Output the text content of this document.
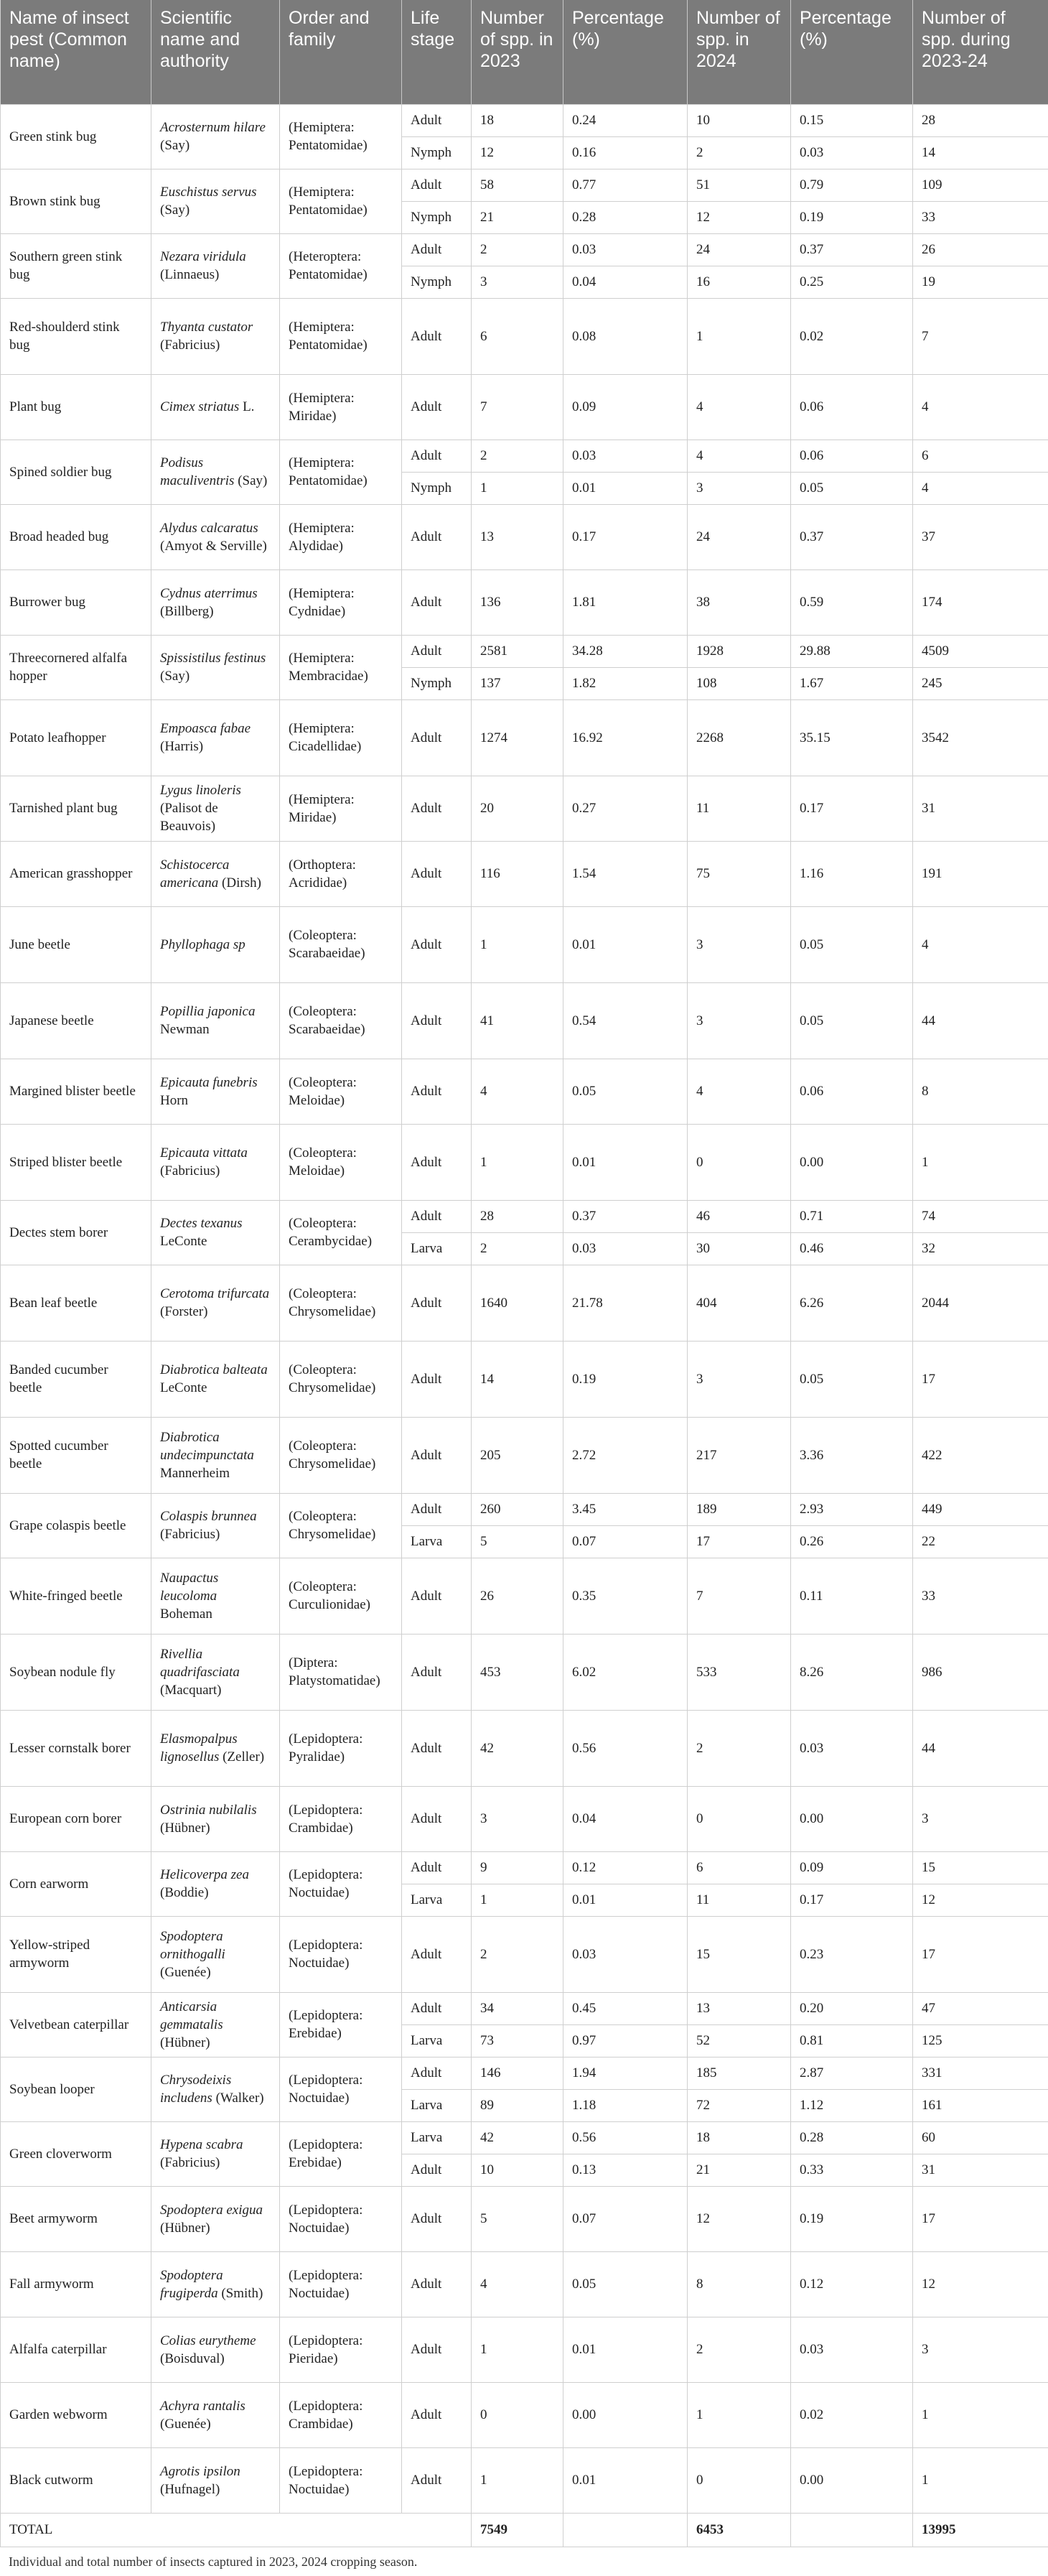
Name of insect pest (Common name)	Scientific name and authority	Order and family	Life stage	Number of spp. in 2023	Percentage (%)	Number of spp. in 2024	Percentage (%)	Number of spp. during 2023-24
Green stink bug	Acrosternum hilare (Say)	(Hemiptera: Pentatomidae)	Adult	18	0.24	10	0.15	28
			Nymph	12	0.16	2	0.03	14
Brown stink bug	Euschistus servus (Say)	(Hemiptera: Pentatomidae)	Adult	58	0.77	51	0.79	109
			Nymph	21	0.28	12	0.19	33
Southern green stink bug	Nezara viridula (Linnaeus)	(Heteroptera: Pentatomidae)	Adult	2	0.03	24	0.37	26
			Nymph	3	0.04	16	0.25	19
Red-shoulderd stink bug	Thyanta custator (Fabricius)	(Hemiptera: Pentatomidae)	Adult	6	0.08	1	0.02	7
Plant bug	Cimex striatus L.	(Hemiptera: Miridae)	Adult	7	0.09	4	0.06	4
Spined soldier bug	Podisus maculiventris (Say)	(Hemiptera: Pentatomidae)	Adult	2	0.03	4	0.06	6
			Nymph	1	0.01	3	0.05	4
Broad headed bug	Alydus calcaratus (Amyot & Serville)	(Hemiptera: Alydidae)	Adult	13	0.17	24	0.37	37
Burrower bug	Cydnus aterrimus (Billberg)	(Hemiptera: Cydnidae)	Adult	136	1.81	38	0.59	174
Threecornered alfalfa hopper	Spissistilus festinus (Say)	(Hemiptera: Membracidae)	Adult	2581	34.28	1928	29.88	4509
			Nymph	137	1.82	108	1.67	245
Potato leafhopper	Empoasca fabae (Harris)	(Hemiptera: Cicadellidae)	Adult	1274	16.92	2268	35.15	3542
Tarnished plant bug	Lygus linoleris (Palisot de Beauvois)	(Hemiptera: Miridae)	Adult	20	0.27	11	0.17	31
American grasshopper	Schistocerca americana (Dirsh)	(Orthoptera: Acrididae)	Adult	116	1.54	75	1.16	191
June beetle	Phyllophaga sp	(Coleoptera: Scarabaeidae)	Adult	1	0.01	3	0.05	4
Japanese beetle	Popillia japonica Newman	(Coleoptera: Scarabaeidae)	Adult	41	0.54	3	0.05	44
Margined blister beetle	Epicauta funebris Horn	(Coleoptera: Meloidae)	Adult	4	0.05	4	0.06	8
Striped blister beetle	Epicauta vittata (Fabricius)	(Coleoptera: Meloidae)	Adult	1	0.01	0	0.00	1
Dectes stem borer	Dectes texanus LeConte	(Coleoptera: Cerambycidae)	Adult	28	0.37	46	0.71	74
			Larva	2	0.03	30	0.46	32
Bean leaf beetle	Cerotoma trifurcata (Forster)	(Coleoptera: Chrysomelidae)	Adult	1640	21.78	404	6.26	2044
Banded cucumber beetle	Diabrotica balteata LeConte	(Coleoptera: Chrysomelidae)	Adult	14	0.19	3	0.05	17
Spotted cucumber beetle	Diabrotica undecimpunctata Mannerheim	(Coleoptera: Chrysomelidae)	Adult	205	2.72	217	3.36	422
Grape colaspis beetle	Colaspis brunnea (Fabricius)	(Coleoptera: Chrysomelidae)	Adult	260	3.45	189	2.93	449
			Larva	5	0.07	17	0.26	22
White-fringed beetle	Naupactus leucoloma Boheman	(Coleoptera: Curculionidae)	Adult	26	0.35	7	0.11	33
Soybean nodule fly	Rivellia quadrifasciata (Macquart)	(Diptera: Platystomatidae)	Adult	453	6.02	533	8.26	986
Lesser cornstalk borer	Elasmopalpus lignosellus (Zeller)	(Lepidoptera: Pyralidae)	Adult	42	0.56	2	0.03	44
European corn borer	Ostrinia nubilalis (Hübner)	(Lepidoptera: Crambidae)	Adult	3	0.04	0	0.00	3
Corn earworm	Helicoverpa zea (Boddie)	(Lepidoptera: Noctuidae)	Adult	9	0.12	6	0.09	15
			Larva	1	0.01	11	0.17	12
Yellow-striped armyworm	Spodoptera ornithogalli (Guenée)	(Lepidoptera: Noctuidae)	Adult	2	0.03	15	0.23	17
Velvetbean caterpillar	Anticarsia gemmatalis (Hübner)	(Lepidoptera: Erebidae)	Adult	34	0.45	13	0.20	47
			Larva	73	0.97	52	0.81	125
Soybean looper	Chrysodeixis includens (Walker)	(Lepidoptera: Noctuidae)	Adult	146	1.94	185	2.87	331
			Larva	89	1.18	72	1.12	161
Green cloverworm	Hypena scabra (Fabricius)	(Lepidoptera: Erebidae)	Larva	42	0.56	18	0.28	60
			Adult	10	0.13	21	0.33	31
Beet armyworm	Spodoptera exigua (Hübner)	(Lepidoptera: Noctuidae)	Adult	5	0.07	12	0.19	17
Fall armyworm	Spodoptera frugiperda (Smith)	(Lepidoptera: Noctuidae)	Adult	4	0.05	8	0.12	12
Alfalfa caterpillar	Colias eurytheme (Boisduval)	(Lepidoptera: Pieridae)	Adult	1	0.01	2	0.03	3
Garden webworm	Achyra rantalis (Guenée)	(Lepidoptera: Crambidae)	Adult	0	0.00	1	0.02	1
Black cutworm	Agrotis ipsilon (Hufnagel)	(Lepidoptera: Noctuidae)	Adult	1	0.01	0	0.00	1
TOTAL				7549		6453		13995
Individual and total number of insects captured in 2023, 2024 cropping season.
